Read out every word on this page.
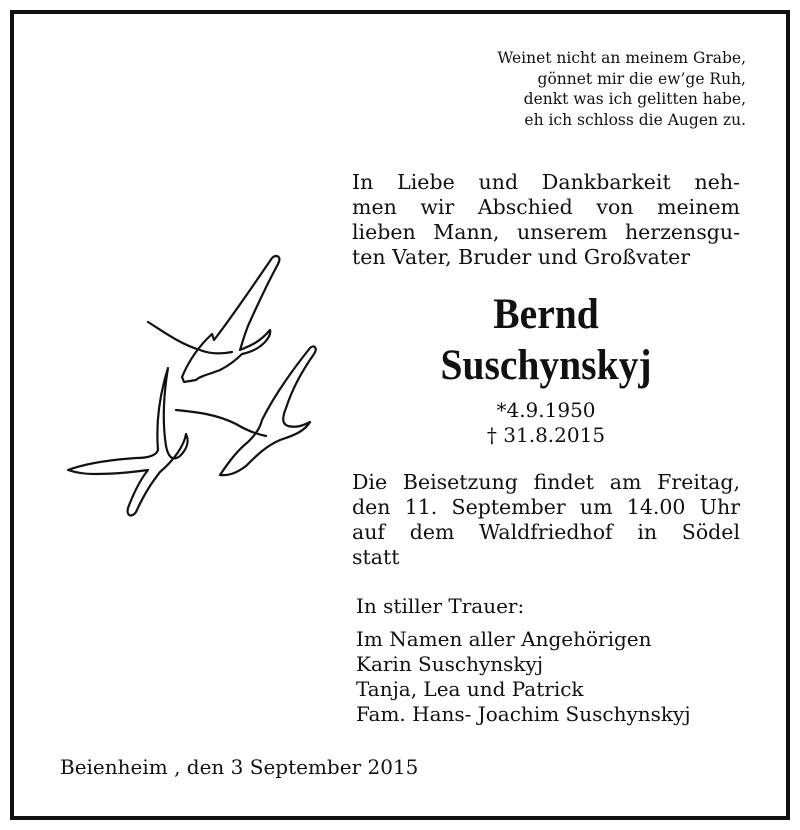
Weinet nicht an meinem Grabe,
gönnet mir die ew’ge Ruh,
denkt was ich gelitten habe,
eh ich schloss die Augen zu.
In Liebe und Dankbarkeit neh-
men wir Abschied von meinem
lieben Mann, unserem herzensgu-
ten Vater, Bruder und Großvater
Bernd
Suschynskyj
*4.9.1950
† 31.8.2015
Die Beisetzung findet am Freitag,
den 11. September um 14.00 Uhr
auf dem Waldfriedhof in Södel
statt
In stiller Trauer:
Im Namen aller Angehörigen
Karin Suschynskyj
Tanja, Lea und Patrick
Fam. Hans- Joachim Suschynskyj
Beienheim , den 3 September 2015
